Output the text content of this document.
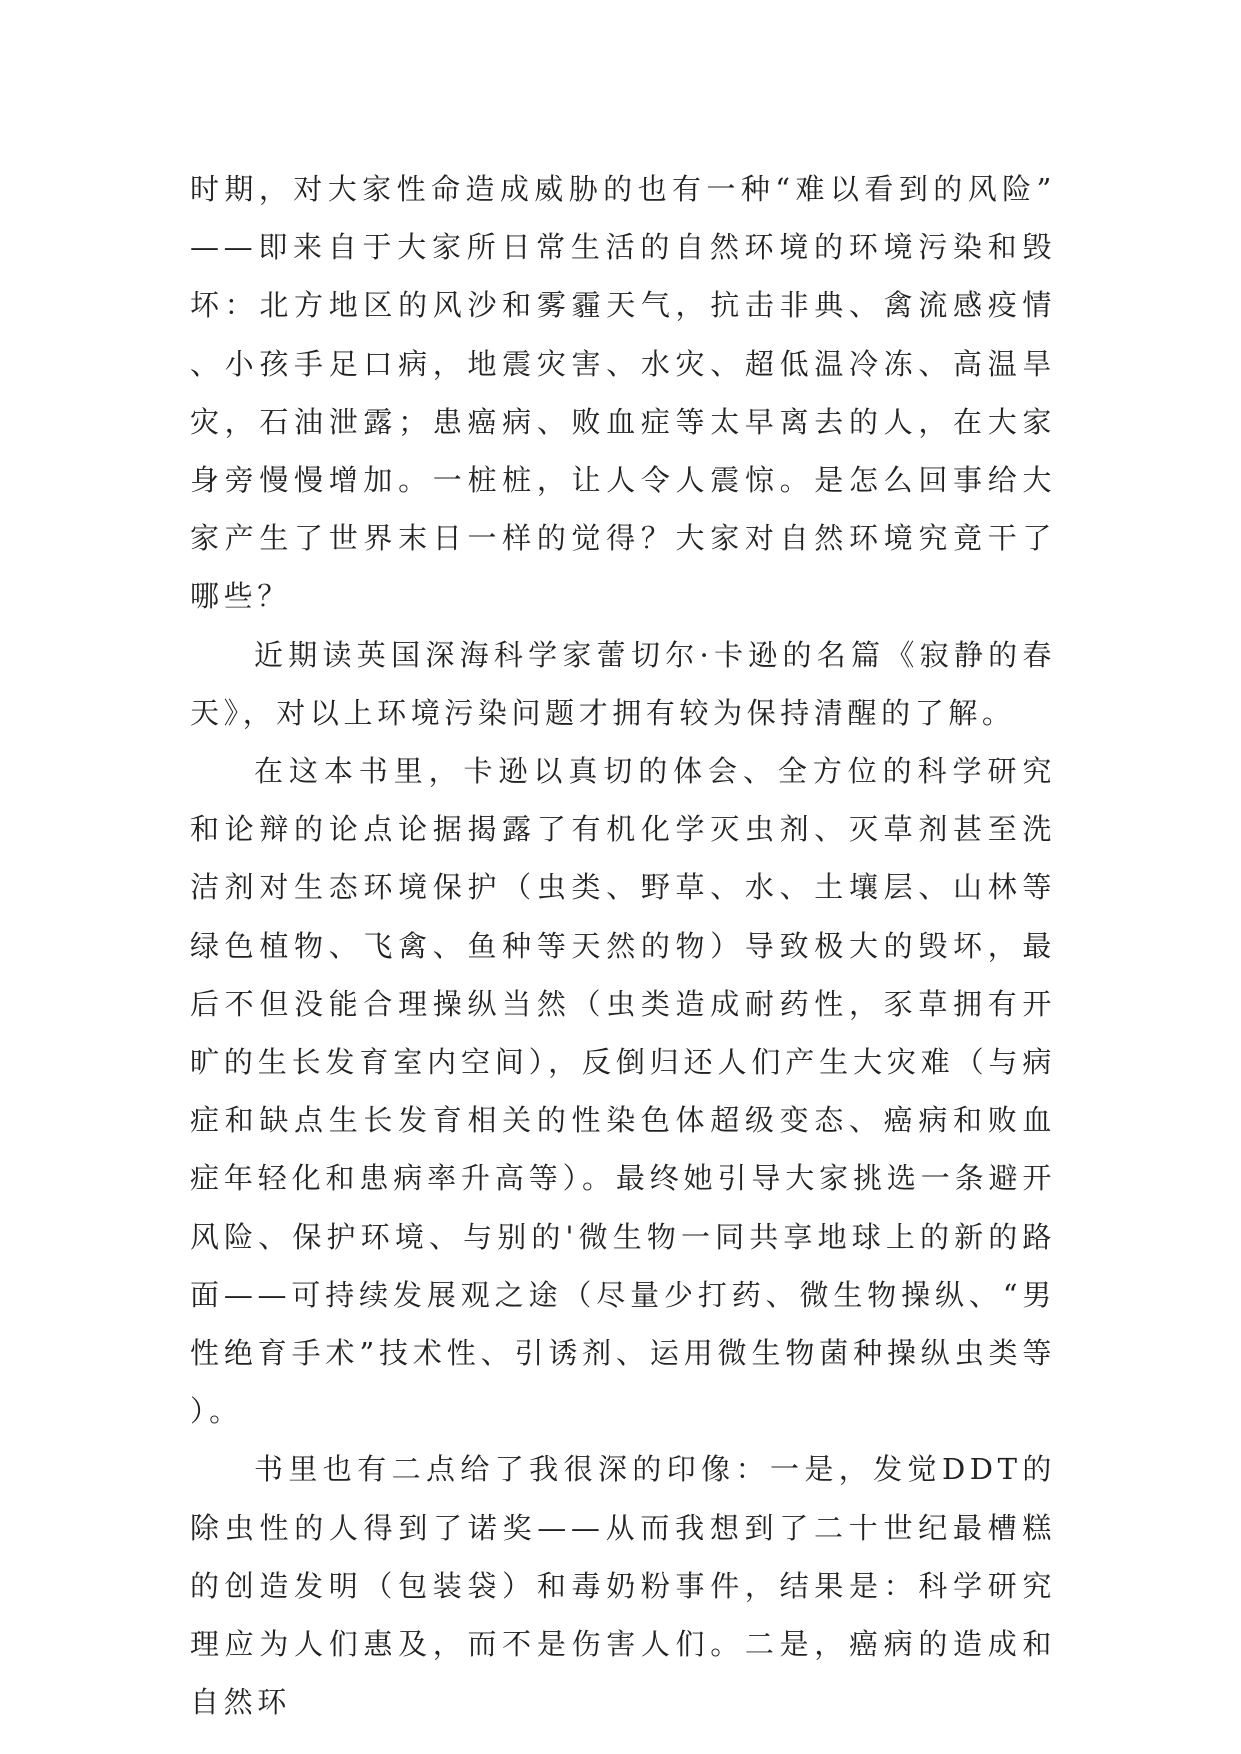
时期，对大家性命造成威胁的也有一种“难以看到的风险”——即来自于大家所日常生活的自然环境的环境污染和毁坏：北方地区的风沙和雾霾天气，抗击非典、禽流感疫情、小孩手足口病，地震灾害、水灾、超低温冷冻、高温旱灾，石油泄露；患癌病、败血症等太早离去的人，在大家身旁慢慢增加。一桩桩，让人令人震惊。是怎么回事给大家产生了世界末日一样的觉得？大家对自然环境究竟干了哪些？

近期读英国深海科学家蕾切尔·卡逊的名篇《寂静的春天》，对以上环境污染问题才拥有较为保持清醒的了解。

在这本书里，卡逊以真切的体会、全方位的科学研究和论辩的论点论据揭露了有机化学灭虫剂、灭草剂甚至洗洁剂对生态环境保护（虫类、野草、水、土壤层、山林等绿色植物、飞禽、鱼种等天然的物）导致极大的毁坏，最后不但没能合理操纵当然（虫类造成耐药性，豕草拥有开旷的生长发育室内空间），反倒归还人们产生大灾难（与病症和缺点生长发育相关的性染色体超级变态、癌病和败血症年轻化和患病率升高等）。最终她引导大家挑选一条避开风险、保护环境、与别的'微生物一同共享地球上的新的路面——可持续发展观之途（尽量少打药、微生物操纵、“男性绝育手术”技术性、引诱剂、运用微生物菌种操纵虫类等）。

书里也有二点给了我很深的印像：一是，发觉DDT的除虫性的人得到了诺奖——从而我想到了二十世纪最槽糕的创造发明（包装袋）和毒奶粉事件，结果是：科学研究理应为人们惠及，而不是伤害人们。二是，癌病的造成和自然环
